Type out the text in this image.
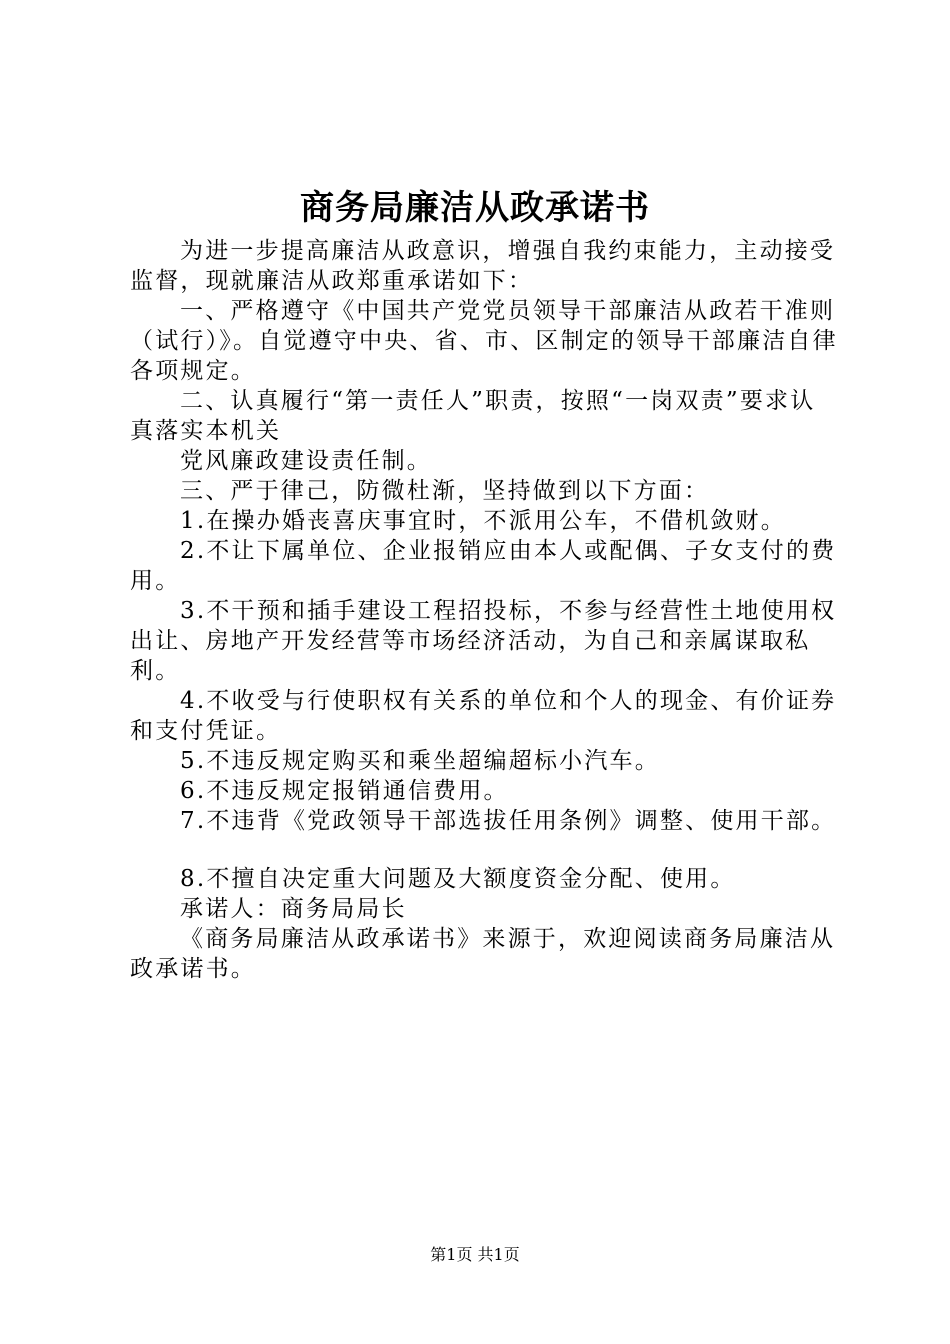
商务局廉洁从政承诺书

为进一步提高廉洁从政意识，增强自我约束能力，主动接受监督，现就廉洁从政郑重承诺如下：

一、严格遵守《中国共产党党员领导干部廉洁从政若干准则（试行）》。自觉遵守中央、省、市、区制定的领导干部廉洁自律各项规定。

二、认真履行“第一责任人”职责，按照“一岗双责”要求认真落实本机关

党风廉政建设责任制。

三、严于律己，防微杜渐，坚持做到以下方面：

1.在操办婚丧喜庆事宜时，不派用公车，不借机敛财。

2.不让下属单位、企业报销应由本人或配偶、子女支付的费用。

3.不干预和插手建设工程招投标，不参与经营性土地使用权出让、房地产开发经营等市场经济活动，为自己和亲属谋取私利。

4.不收受与行使职权有关系的单位和个人的现金、有价证券和支付凭证。

5.不违反规定购买和乘坐超编超标小汽车。

6.不违反规定报销通信费用。

7.不违背《党政领导干部选拔任用条例》调整、使用干部。

8.不擅自决定重大问题及大额度资金分配、使用。

承诺人：商务局局长

《商务局廉洁从政承诺书》来源于，欢迎阅读商务局廉洁从政承诺书。

第1页 共1页
